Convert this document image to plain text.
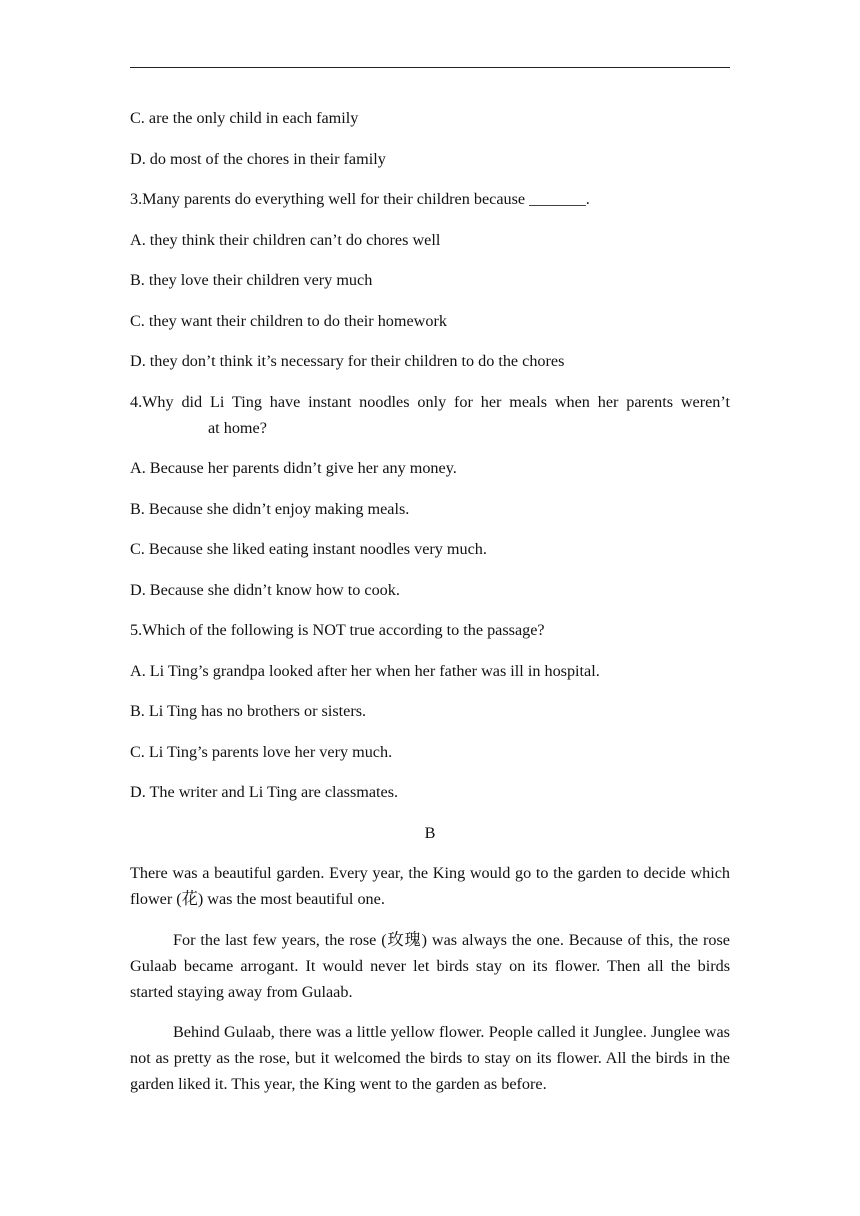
C. are the only child in each family

D. do most of the chores in their family

3.Many parents do everything well for their children because _______.

A. they think their children can’t do chores well

B. they love their children very much

C. they want their children to do their homework

D. they don’t think it’s necessary for their children to do the chores

4.Why did Li Ting have instant noodles only for her meals when her parents weren’t
at home?

A. Because her parents didn’t give her any money.

B. Because she didn’t enjoy making meals.

C. Because she liked eating instant noodles very much.

D. Because she didn’t know how to cook.

5.Which of the following is NOT true according to the passage?

A. Li Ting’s grandpa looked after her when her father was ill in hospital.

B. Li Ting has no brothers or sisters.

C. Li Ting’s parents love her very much.

D. The writer and Li Ting are classmates.

B

There was a beautiful garden. Every year, the King would go to the garden to decide which flower (花) was the most beautiful one.

For the last few years, the rose (玫瑰) was always the one. Because of this, the rose Gulaab became arrogant. It would never let birds stay on its flower. Then all the birds started staying away from Gulaab.

Behind Gulaab, there was a little yellow flower. People called it Junglee. Junglee was not as pretty as the rose, but it welcomed the birds to stay on its flower. All the birds in the garden liked it. This year, the King went to the garden as before.
